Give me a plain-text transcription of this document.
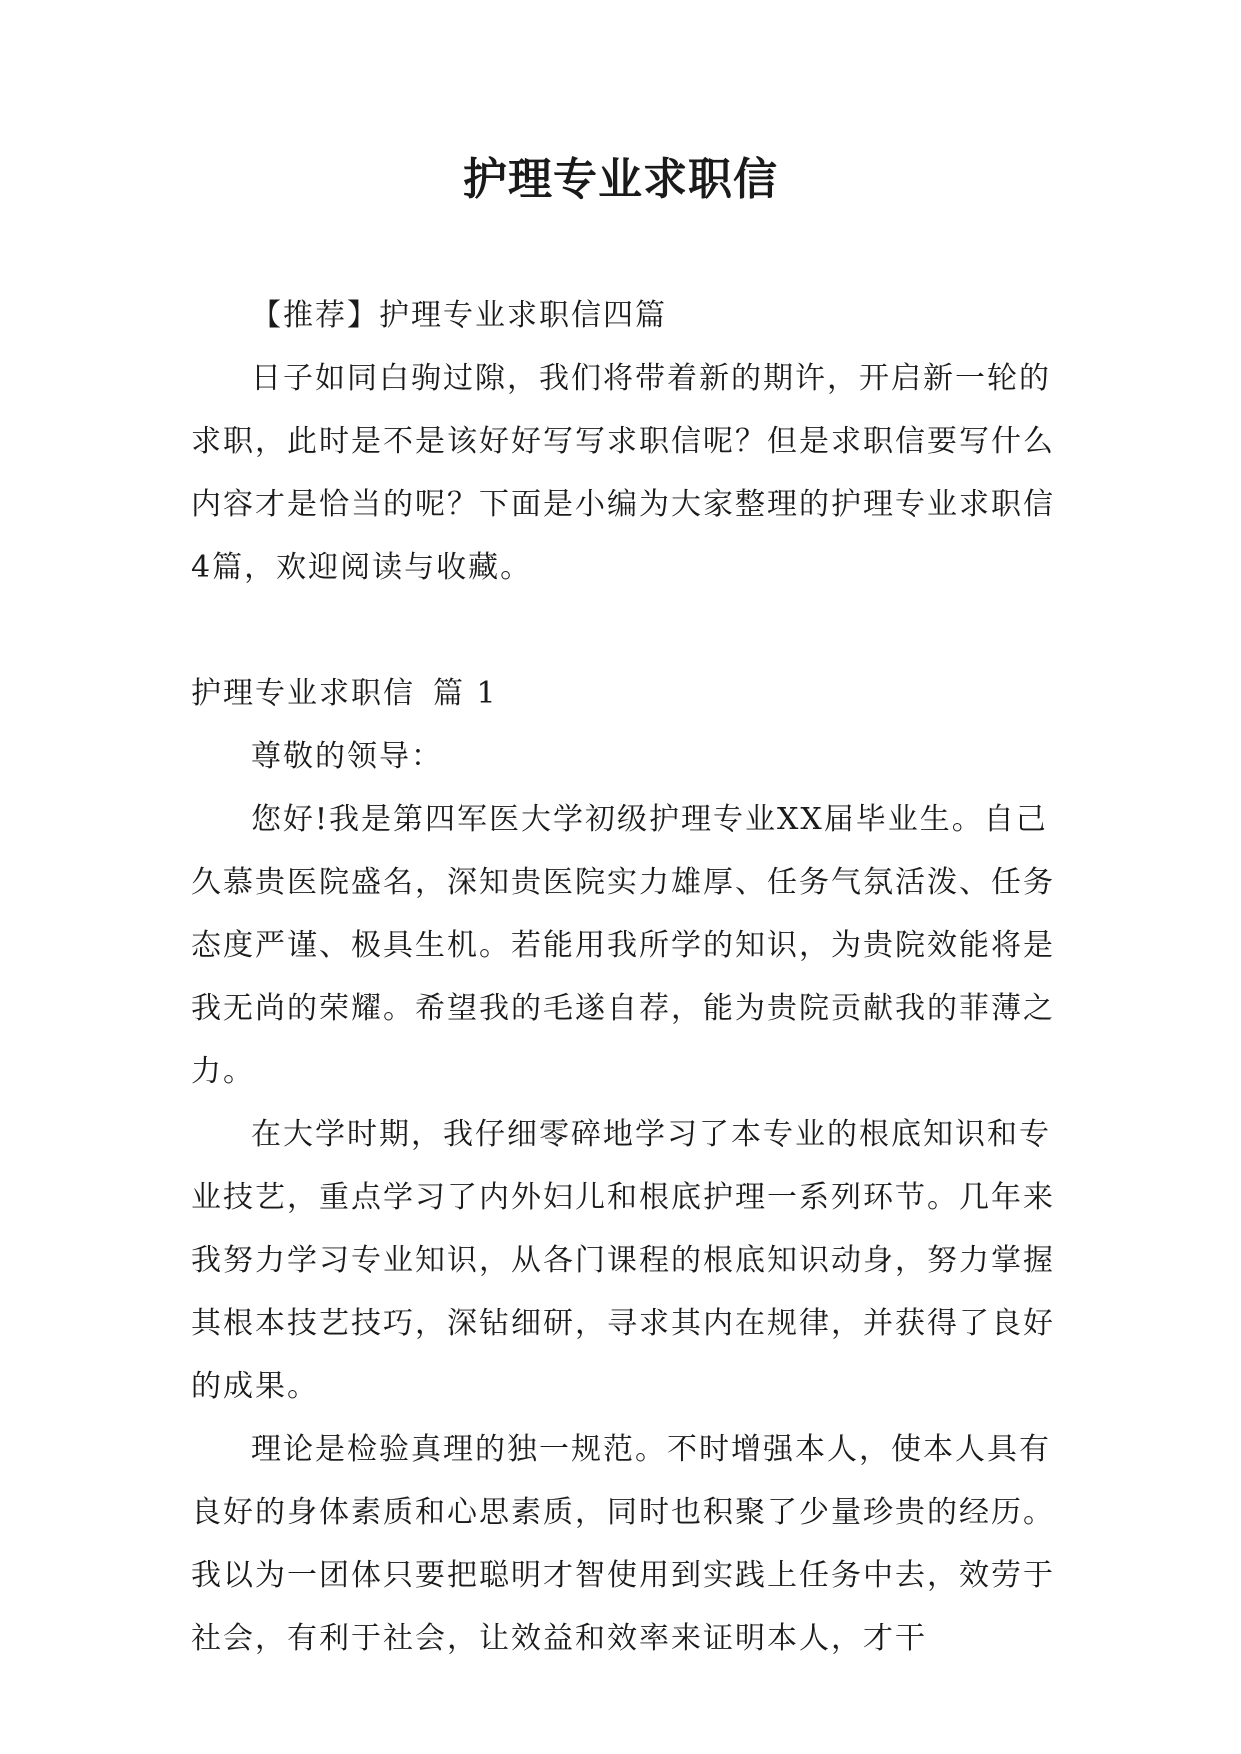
护理专业求职信

【推荐】护理专业求职信四篇

日子如同白驹过隙，我们将带着新的期许，开启新一轮的求职，此时是不是该好好写写求职信呢？但是求职信要写什么内容才是恰当的呢？下面是小编为大家整理的护理专业求职信4篇，欢迎阅读与收藏。

护理专业求职信 篇 1

尊敬的领导：

您好!我是第四军医大学初级护理专业XX届毕业生。自己久慕贵医院盛名，深知贵医院实力雄厚、任务气氛活泼、任务态度严谨、极具生机。若能用我所学的知识，为贵院效能将是我无尚的荣耀。希望我的毛遂自荐，能为贵院贡献我的菲薄之力。

在大学时期，我仔细零碎地学习了本专业的根底知识和专业技艺，重点学习了内外妇儿和根底护理一系列环节。几年来我努力学习专业知识，从各门课程的根底知识动身，努力掌握其根本技艺技巧，深钻细研，寻求其内在规律，并获得了良好的成果。

理论是检验真理的独一规范。不时增强本人，使本人具有良好的身体素质和心思素质，同时也积聚了少量珍贵的经历。我以为一团体只要把聪明才智使用到实践上任务中去，效劳于社会，有利于社会，让效益和效率来证明本人，才干
